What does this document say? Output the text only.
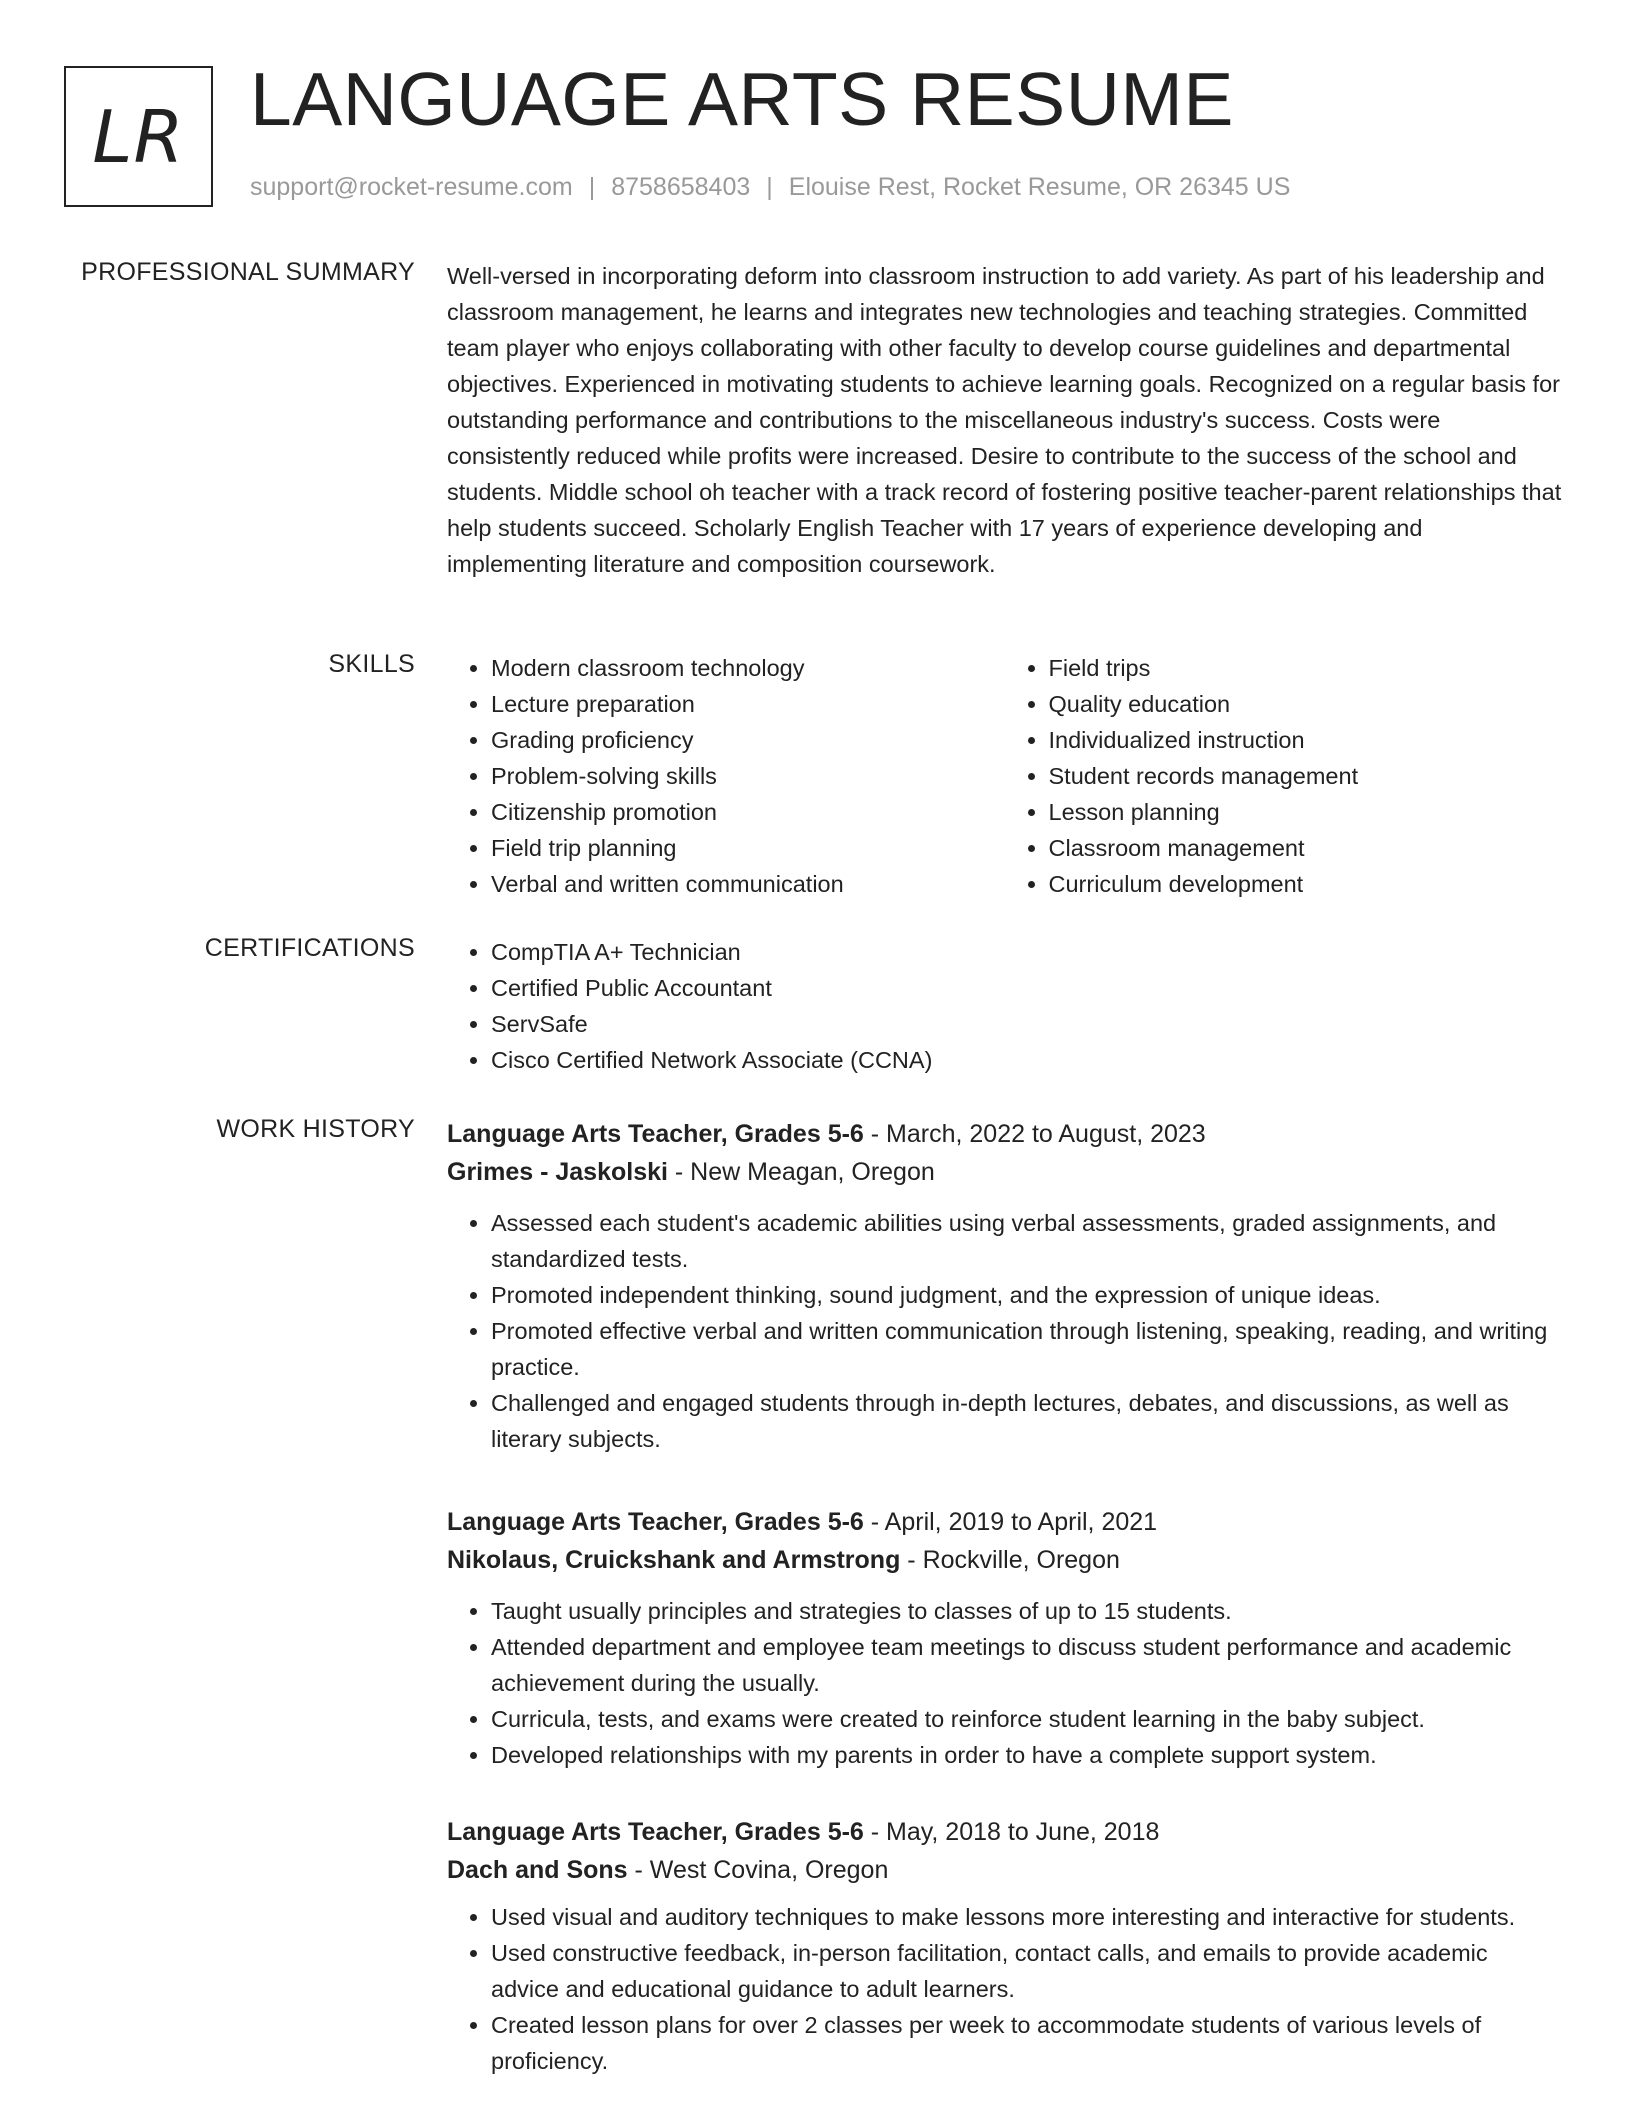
LR LANGUAGE ARTS RESUME
support@rocket-resume.com | 8758658403 | Elouise Rest, Rocket Resume, OR 26345 US
PROFESSIONAL SUMMARY Well-versed in incorporating deform into classroom instruction to add variety. As part of his leadership and classroom management, he learns and integrates new technologies and teaching strategies. Committed team player who enjoys collaborating with other faculty to develop course guidelines and departmental objectives. Experienced in motivating students to achieve learning goals. Recognized on a regular basis for outstanding performance and contributions to the miscellaneous industry's success. Costs were consistently reduced while profits were increased. Desire to contribute to the success of the school and students. Middle school oh teacher with a track record of fostering positive teacher-parent relationships that help students succeed. Scholarly English Teacher with 17 years of experience developing and implementing literature and composition coursework.

SKILLS	• Modern classroom technology
• Lecture preparation
• Grading proficiency
• Problem-solving skills
• Citizenship promotion
• Field trip planning
• Verbal and written communication
• Field trips
• Quality education
• Individualized instruction
• Student records management
• Lesson planning
• Classroom management
• Curriculum development
CERTIFICATIONS	• CompTIA A+ Technician
• Certified Public Accountant
• ServSafe
• Cisco Certified Network Associate (CCNA)
WORK HISTORY Language Arts Teacher, Grades 5-6 - March, 2022 to August, 2023
Grimes - Jaskolski - New Meagan, Oregon
• Assessed each student's academic abilities using verbal assessments, graded assignments, and standardized tests.
• Promoted independent thinking, sound judgment, and the expression of unique ideas.
• Promoted effective verbal and written communication through listening, speaking, reading, and writing practice.
• Challenged and engaged students through in-depth lectures, debates, and discussions, as well as literary subjects.
Language Arts Teacher, Grades 5-6 - April, 2019 to April, 2021
Nikolaus, Cruickshank and Armstrong - Rockville, Oregon
• Taught usually principles and strategies to classes of up to 15 students.
• Attended department and employee team meetings to discuss student performance and academic achievement during the usually.
• Curricula, tests, and exams were created to reinforce student learning in the baby subject.
• Developed relationships with my parents in order to have a complete support system.
Language Arts Teacher, Grades 5-6 - May, 2018 to June, 2018
Dach and Sons - West Covina, Oregon
• Used visual and auditory techniques to make lessons more interesting and interactive for students.
• Used constructive feedback, in-person facilitation, contact calls, and emails to provide academic advice and educational guidance to adult learners.
• Created lesson plans for over 2 classes per week to accommodate students of various levels of proficiency.
